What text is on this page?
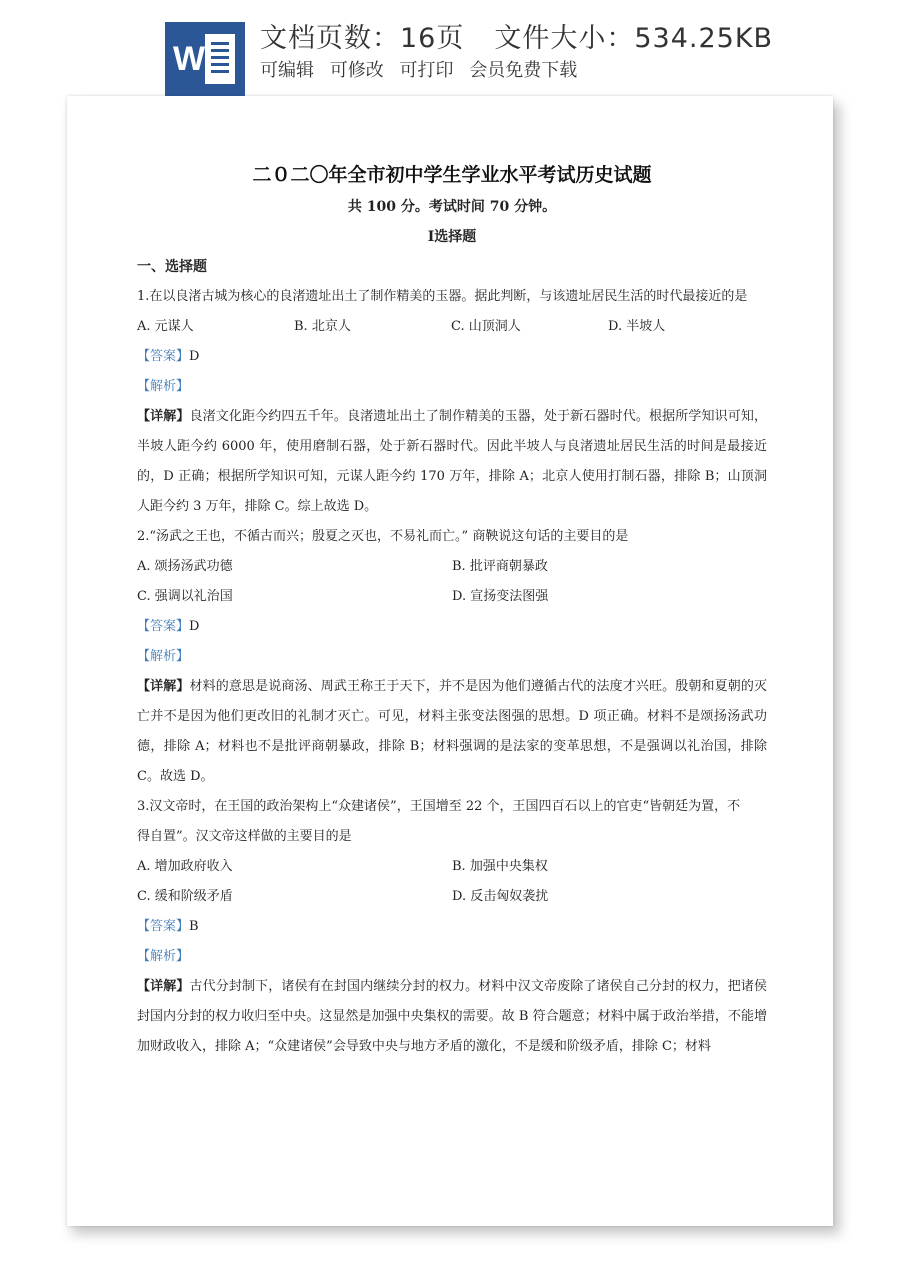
W
文档页数：16页 文件大小：534.25KB
可编辑 可修改 可打印 会员免费下载
二０二〇年全市初中学生学业水平考试历史试题
共 100 分。考试时间 70 分钟。
Ⅰ选择题
一、选择题
1.在以良渚古城为核心的良渚遗址出土了制作精美的玉器。据此判断，与该遗址居民生活的时代最接近的是
A. 元谋人	B. 北京人	C. 山顶洞人	D. 半坡人
【答案】D
【解析】
【详解】良渚文化距今约四五千年。良渚遗址出土了制作精美的玉器，处于新石器时代。根据所学知识可知，半坡人距今约 6000 年，使用磨制石器，处于新石器时代。因此半坡人与良渚遗址居民生活的时间是最接近的，D 正确；根据所学知识可知，元谋人距今约 170 万年，排除 A；北京人使用打制石器，排除 B；山顶洞人距今约 3 万年，排除 C。综上故选 D。
2.“汤武之王也，不循古而兴；殷夏之灭也，不易礼而亡。” 商鞅说这句话的主要目的是
A. 颂扬汤武功德	B. 批评商朝暴政
C. 强调以礼治国	D. 宣扬变法图强
【答案】D
【解析】
【详解】材料的意思是说商汤、周武王称王于天下，并不是因为他们遵循古代的法度才兴旺。殷朝和夏朝的灭亡并不是因为他们更改旧的礼制才灭亡。可见，材料主张变法图强的思想。D 项正确。材料不是颂扬汤武功德，排除 A；材料也不是批评商朝暴政，排除 B；材料强调的是法家的变革思想，不是强调以礼治国，排除 C。故选 D。
3.汉文帝时，在王国的政治架构上“众建诸侯”，王国增至 22 个，王国四百石以上的官吏“皆朝廷为置，不
得自置”。汉文帝这样做的主要目的是
A. 增加政府收入	B. 加强中央集权
C. 缓和阶级矛盾	D. 反击匈奴袭扰
【答案】B
【解析】
【详解】古代分封制下，诸侯有在封国内继续分封的权力。材料中汉文帝废除了诸侯自己分封的权力，把诸侯封国内分封的权力收归至中央。这显然是加强中央集权的需要。故 B 符合题意；材料中属于政治举措，不能增加财政收入，排除 A；“众建诸侯”会导致中央与地方矛盾的激化，不是缓和阶级矛盾，排除 C；材料
